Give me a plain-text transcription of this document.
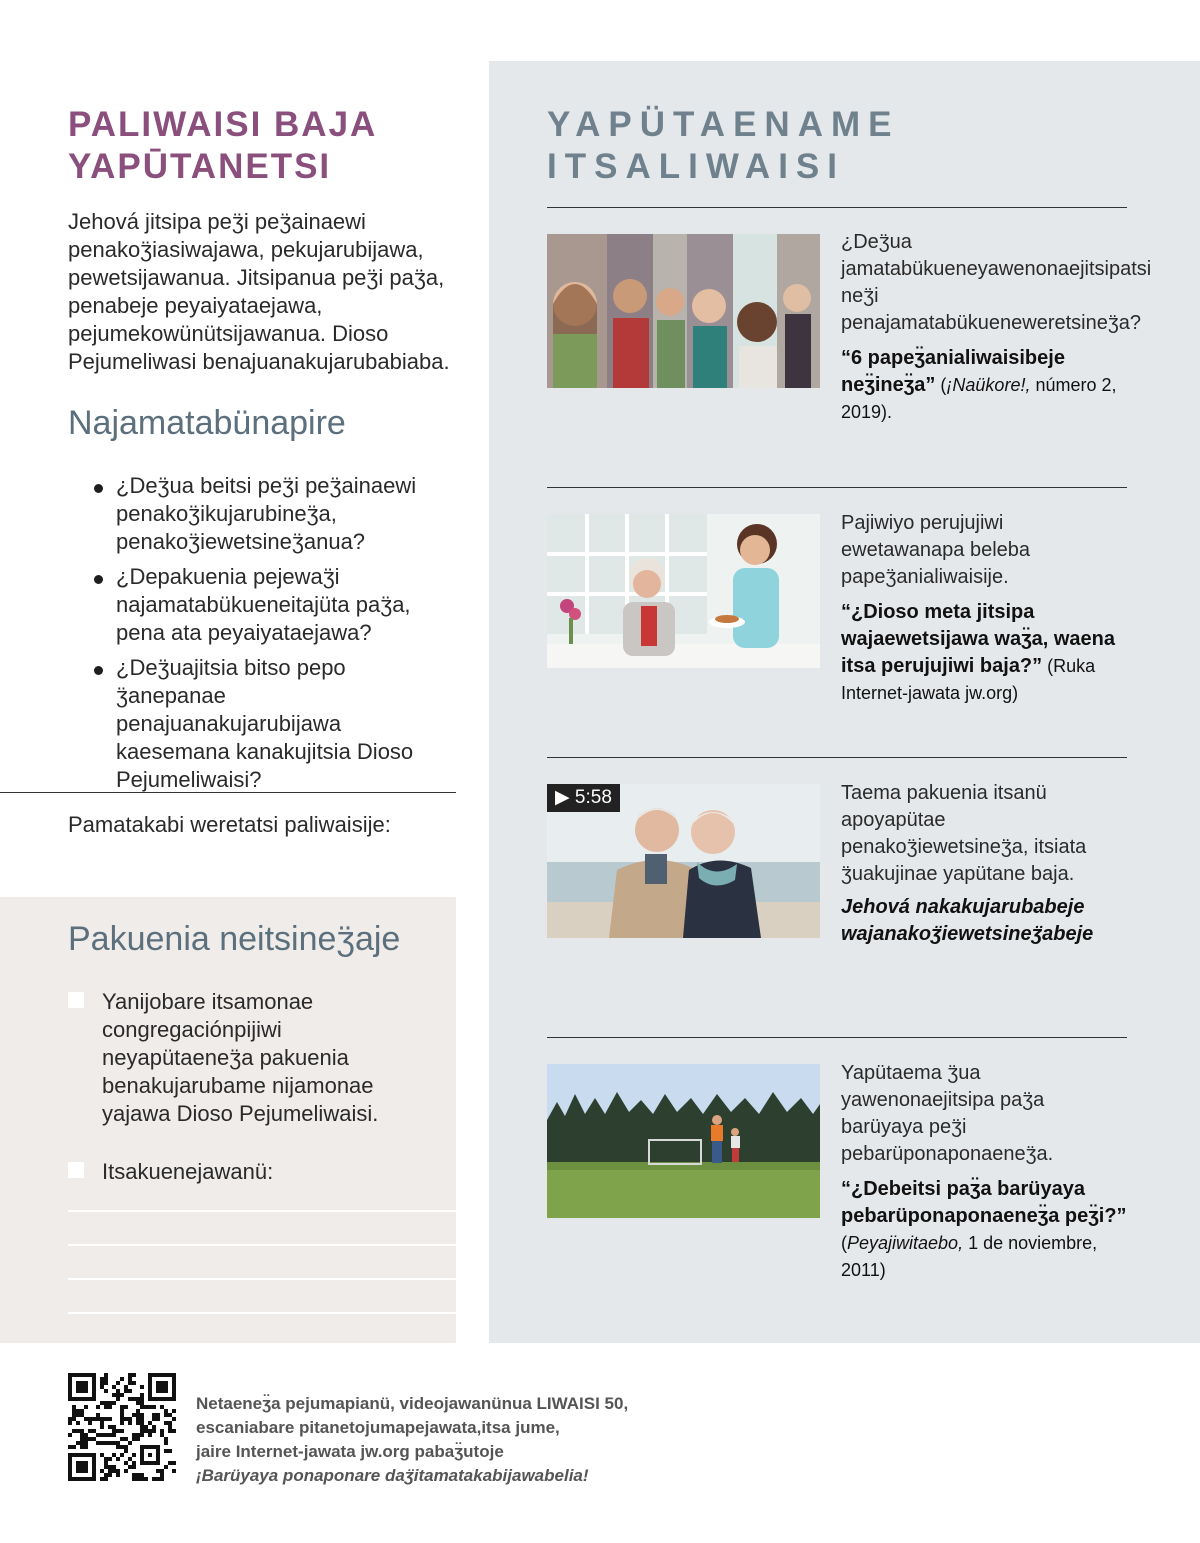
PALIWAISI BAJA
YAPŪTANETSI
Jehová jitsipa peʒ̈i peʒ̈ainaewi penakoʒ̈iasiwajawa, pekujarubijawa, pewetsijawanua. Jitsipanua peʒ̈i paʒ̈a, penabeje peyaiyataejawa, pejumekowünütsijawanua. Dioso Pejumeliwasi benajuanakujarubabiaba.
Najamatabünapire
¿Deʒ̈ua beitsi peʒ̈i peʒ̈ainaewi penakoʒ̈ikujarubineʒ̈a, penakoʒ̈iewetsineʒ̈anua?
¿Depakuenia pejewaʒ̈i najamatabükueneitajüta paʒ̈a, pena ata peyaiyataejawa?
¿Deʒ̈uajitsia bitso pepo ʒ̈anepanae penajuanakujarubijawa kaesemana kanakujitsia Dioso Pejumeliwaisi?
Pamatakabi weretatsi paliwaisije:
Pakuenia neitsineʒ̈aje
Yanijobare itsamonae congregaciónpijiwi neyapütaeneʒ̈a pakuenia benakujarubame nijamonae yajawa Dioso Pejumeliwaisi.
Itsakuenejawanü:
YAPÜTAENAME
ITSALIWAISI
¿Deʒ̈ua jamatabükueneyawenonaejitsipatsi neʒ̈i penajamatabükueneweretsineʒ̈a?
“6 papeʒ̈anialiwaisibeje neʒ̈ineʒ̈a” (¡Naükore!, número 2, 2019).
Pajiwiyo perujujiwi ewetawanapa beleba papeʒ̈anialiwaisije.
“¿Dioso meta jitsipa wajaewetsijawa waʒ̈a, waena itsa perujujiwi baja?” (Ruka Internet-jawata jw.org)
▶ 5:58	Taema pakuenia itsanü apoyapütae penakoʒ̈iewetsineʒ̈a, itsiata ʒ̈uakujinae yapütane baja.
Jehová nakakujarubabeje wajanakoʒ̈iewetsineʒ̈abeje
Yapütaema ʒ̈ua yawenonaejitsipa paʒ̈a barüyaya peʒ̈i pebarüponaponaeneʒ̈a.
“¿Debeitsi paʒ̈a barüyaya pebarüponaponaeneʒ̈a peʒ̈i?” (Peyajiwitaebo, 1 de noviembre, 2011)
Netaeneʒ̈a pejumapianü, videojawanünua LIWAISI 50,
escaniabare pitanetojumapejawata,itsa jume,
jaire Internet-jawata jw.org pabaʒ̈utoje
¡Barüyaya ponaponare daʒ̈itamatakabijawabelia!
